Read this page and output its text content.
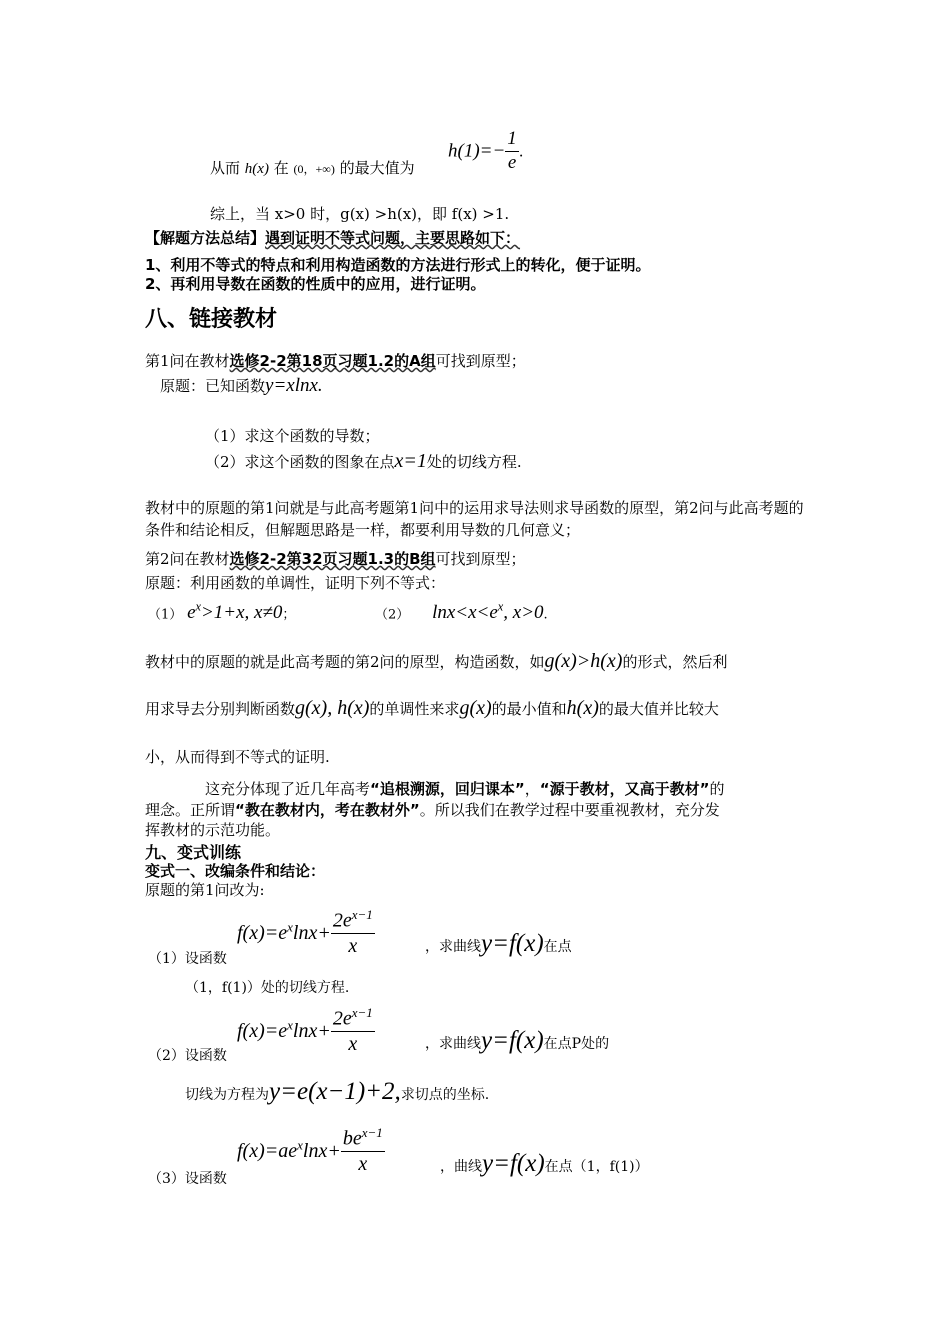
从而 h(x) 在 (0，+∞) 的最大值为
$h(1)=- \frac{1}{e}$ .
综上，当 x>0 时，g(x) >h(x)，即 f(x) >1.
【解题方法总结】遇到证明不等式问题，主要思路如下：
1、利用不等式的特点和利用构造函数的方法进行形式上的转化，便于证明。
2、再利用导数在函数的性质中的应用，进行证明。
八、链接教材
第1问在教材选修2-2第18页习题1.2的A组可找到原型；
原题：已知函数y=xlnx.
（1）求这个函数的导数；
（2）求这个函数的图象在点x=1处的切线方程.
教材中的原题的第1问就是与此高考题第1问中的运用求导法则求导函数的原型，第2问与此高考题的条件和结论相反，但解题思路是一样，都要利用导数的几何意义；
第2问在教材选修2-2第32页习题1.3的B组可找到原型；
原题：利用函数的单调性，证明下列不等式：
（1） $e^x>1+x$, x≠0；	（2） $\ln x<x<e^x$, x>0.
教材中的原题的就是此高考题的第2问的原型，构造函数，如g(x)>h(x)的形式，然后利
用求导去分别判断函数g(x), h(x)的单调性来求g(x)的最小值和h(x)的最大值并比较大
小，从而得到不等式的证明.
这充分体现了近几年高考“追根溯源，回归课本”，“源于教材，又高于教材”的
理念。正所谓“教在教材内，考在教材外”。所以我们在教学过程中要重视教材，充分发
挥教材的示范功能。
九、变式训练
变式一、改编条件和结论：
原题的第1问改为:
（1）设函数
$f(x)=e^x\ln x+ \frac{2e^{x-1}}{x}$	，求曲线y=f(x)在点
（1，f(1)）处的切线方程.
（2）设函数
$f(x)=e^x\ln x+ \frac{2e^{x-1}}{x}$	，求曲线y=f(x)在点P处的
切线为方程为y=e(x−1)+2,求切点的坐标.
（3）设函数
$f(x)=ae^x\ln x+ \frac{be^{x-1}}{x}$	，曲线y=f(x)在点（1，f(1)）
